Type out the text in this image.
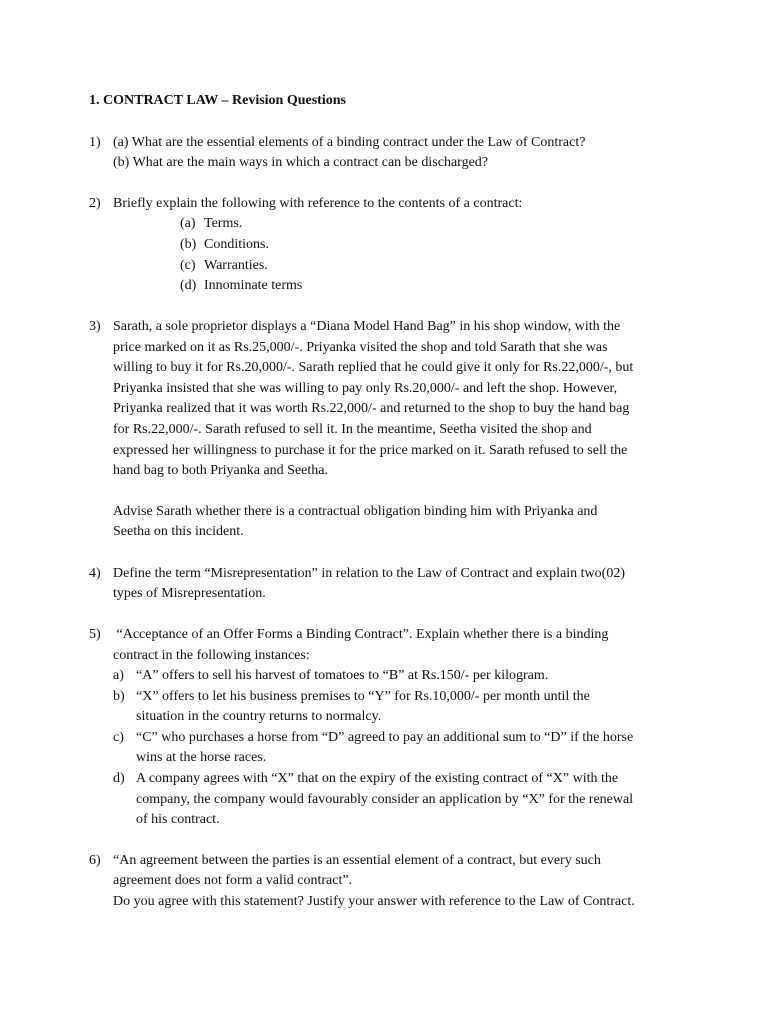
1. CONTRACT LAW – Revision Questions
1) (a) What are the essential elements of a binding contract under the Law of Contract?
(b) What are the main ways in which a contract can be discharged?
2) Briefly explain the following with reference to the contents of a contract:
(a) Terms.
(b) Conditions.
(c) Warranties.
(d) Innominate terms
3) Sarath, a sole proprietor displays a “Diana Model Hand Bag” in his shop window, with the
price marked on it as Rs.25,000/-. Priyanka visited the shop and told Sarath that she was
willing to buy it for Rs.20,000/-. Sarath replied that he could give it only for Rs.22,000/-, but
Priyanka insisted that she was willing to pay only Rs.20,000/- and left the shop. However,
Priyanka realized that it was worth Rs.22,000/- and returned to the shop to buy the hand bag
for Rs.22,000/-. Sarath refused to sell it. In the meantime, Seetha visited the shop and
expressed her willingness to purchase it for the price marked on it. Sarath refused to sell the
hand bag to both Priyanka and Seetha.
Advise Sarath whether there is a contractual obligation binding him with Priyanka and
Seetha on this incident.
4) Define the term “Misrepresentation” in relation to the Law of Contract and explain two(02)
types of Misrepresentation.
5) “Acceptance of an Offer Forms a Binding Contract”. Explain whether there is a binding
contract in the following instances:
a) “A” offers to sell his harvest of tomatoes to “B” at Rs.150/- per kilogram.
b) “X” offers to let his business premises to “Y” for Rs.10,000/- per month until the
situation in the country returns to normalcy.
c) “C” who purchases a horse from “D” agreed to pay an additional sum to “D” if the horse
wins at the horse races.
d) A company agrees with “X” that on the expiry of the existing contract of “X” with the
company, the company would favourably consider an application by “X” for the renewal
of his contract.
6) “An agreement between the parties is an essential element of a contract, but every such
agreement does not form a valid contract”.
Do you agree with this statement? Justify your answer with reference to the Law of Contract.
